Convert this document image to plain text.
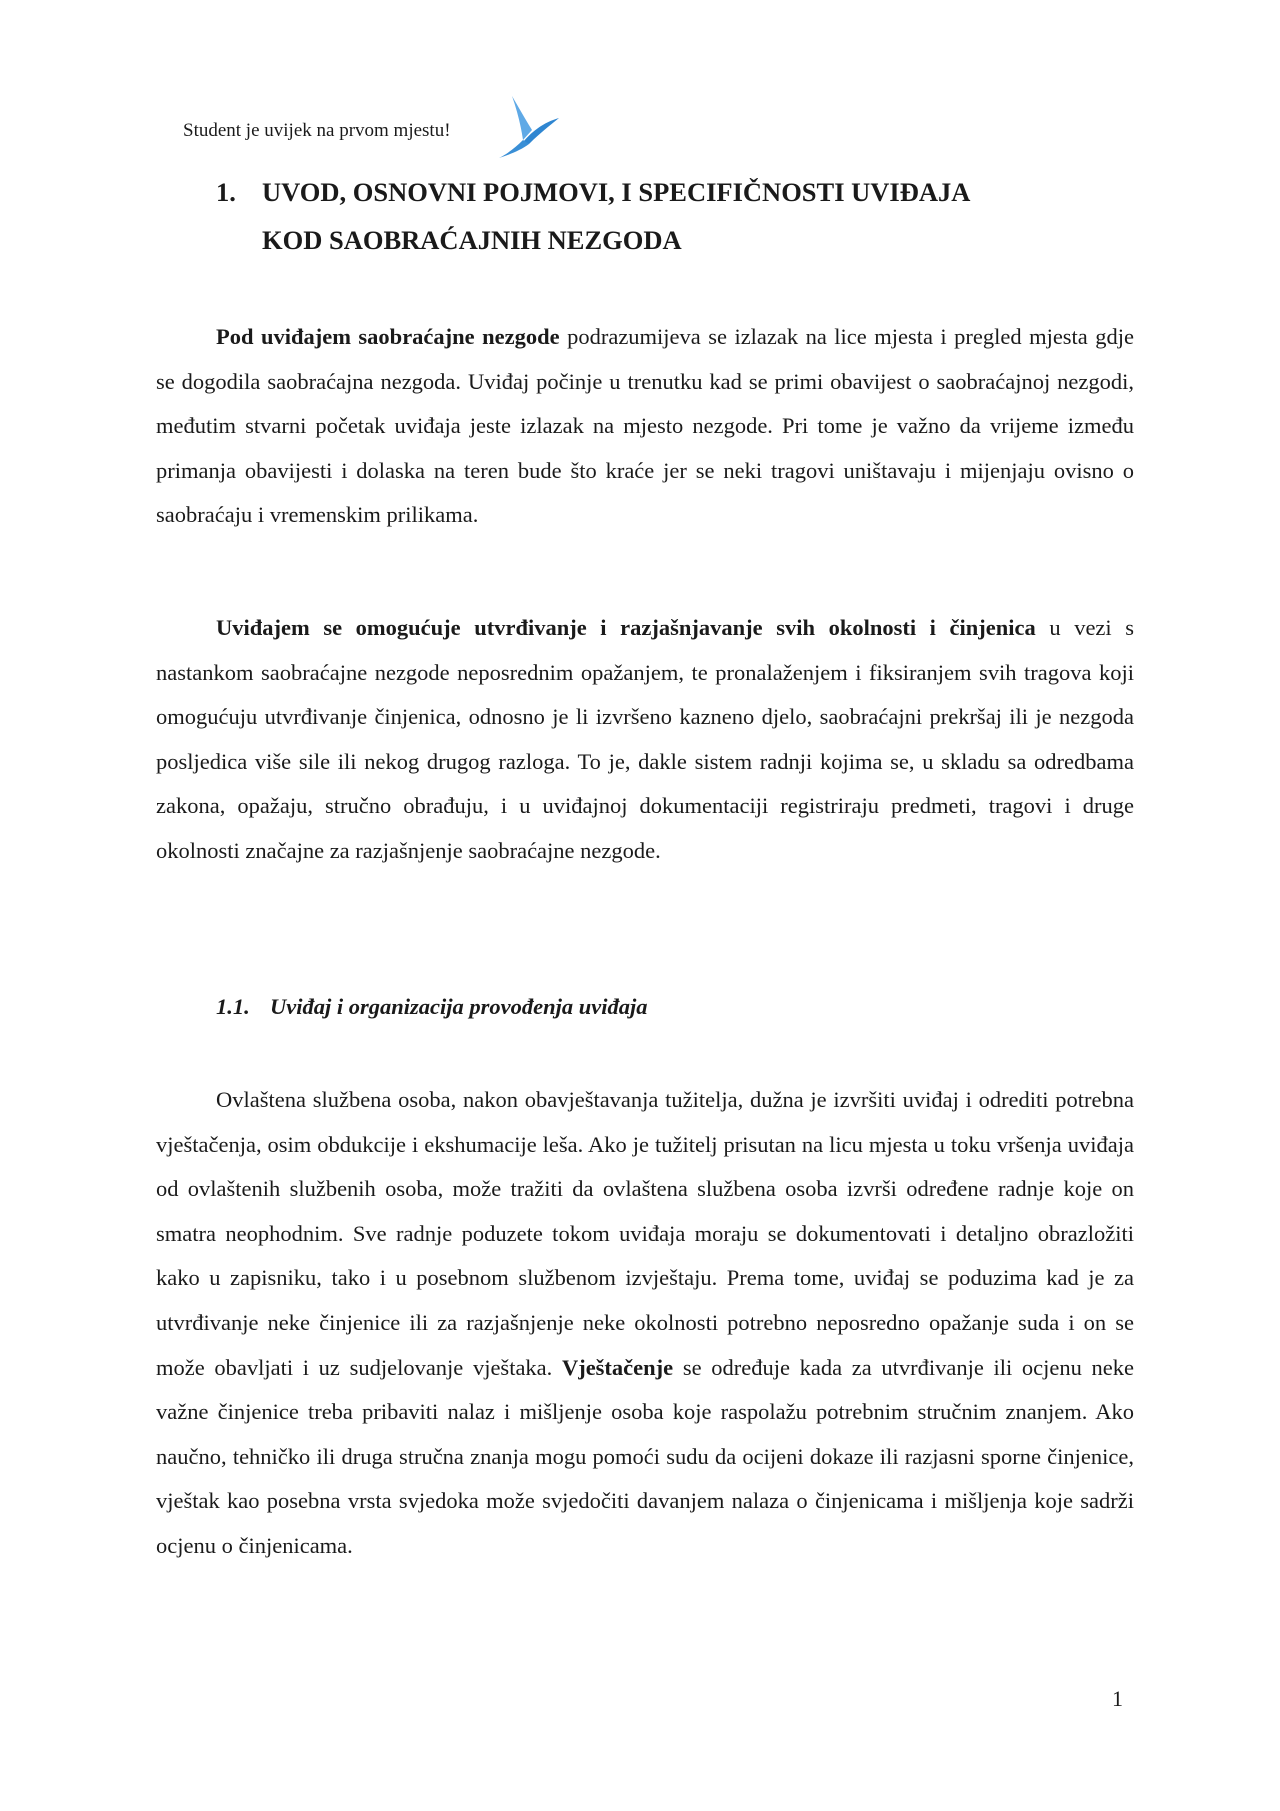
Student je uvijek na prvom mjestu!
1. UVOD, OSNOVNI POJMOVI, I SPECIFIČNOSTI UVIĐAJA
KOD SAOBRAĆAJNIH NEZGODA

Pod uviđajem saobraćajne nezgode podrazumijeva se izlazak na lice mjesta i pregled mjesta gdje se dogodila saobraćajna nezgoda. Uviđaj počinje u trenutku kad se primi obavijest o saobraćajnoj nezgodi, međutim stvarni početak uviđaja jeste izlazak na mjesto nezgode. Pri tome je važno da vrijeme između primanja obavijesti i dolaska na teren bude što kraće jer se neki tragovi uništavaju i mijenjaju ovisno o saobraćaju i vremenskim prilikama.

Uviđajem se omogućuje utvrđivanje i razjašnjavanje svih okolnosti i činjenica u vezi s nastankom saobraćajne nezgode neposrednim opažanjem, te pronalaženjem i fiksiranjem svih tragova koji omogućuju utvrđivanje činjenica, odnosno je li izvršeno kazneno djelo, saobraćajni prekršaj ili je nezgoda posljedica više sile ili nekog drugog razloga. To je, dakle sistem radnji kojima se, u skladu sa odredbama zakona, opažaju, stručno obrađuju, i u uviđajnoj dokumentaciji registriraju predmeti, tragovi i druge okolnosti značajne za razjašnjenje saobraćajne nezgode.

1.1. Uviđaj i organizacija provođenja uviđaja

Ovlaštena službena osoba, nakon obavještavanja tužitelja, dužna je izvršiti uviđaj i odrediti potrebna vještačenja, osim obdukcije i ekshumacije leša. Ako je tužitelj prisutan na licu mjesta u toku vršenja uviđaja od ovlaštenih službenih osoba, može tražiti da ovlaštena službena osoba izvrši određene radnje koje on smatra neophodnim. Sve radnje poduzete tokom uviđaja moraju se dokumentovati i detaljno obrazložiti kako u zapisniku, tako i u posebnom službenom izvještaju. Prema tome, uviđaj se poduzima kad je za utvrđivanje neke činjenice ili za razjašnjenje neke okolnosti potrebno neposredno opažanje suda i on se može obavljati i uz sudjelovanje vještaka. Vještačenje se određuje kada za utvrđivanje ili ocjenu neke važne činjenice treba pribaviti nalaz i mišljenje osoba koje raspolažu potrebnim stručnim znanjem. Ako naučno, tehničko ili druga stručna znanja mogu pomoći sudu da ocijeni dokaze ili razjasni sporne činjenice, vještak kao posebna vrsta svjedoka može svjedočiti davanjem nalaza o činjenicama i mišljenja koje sadrži ocjenu o činjenicama.

1
